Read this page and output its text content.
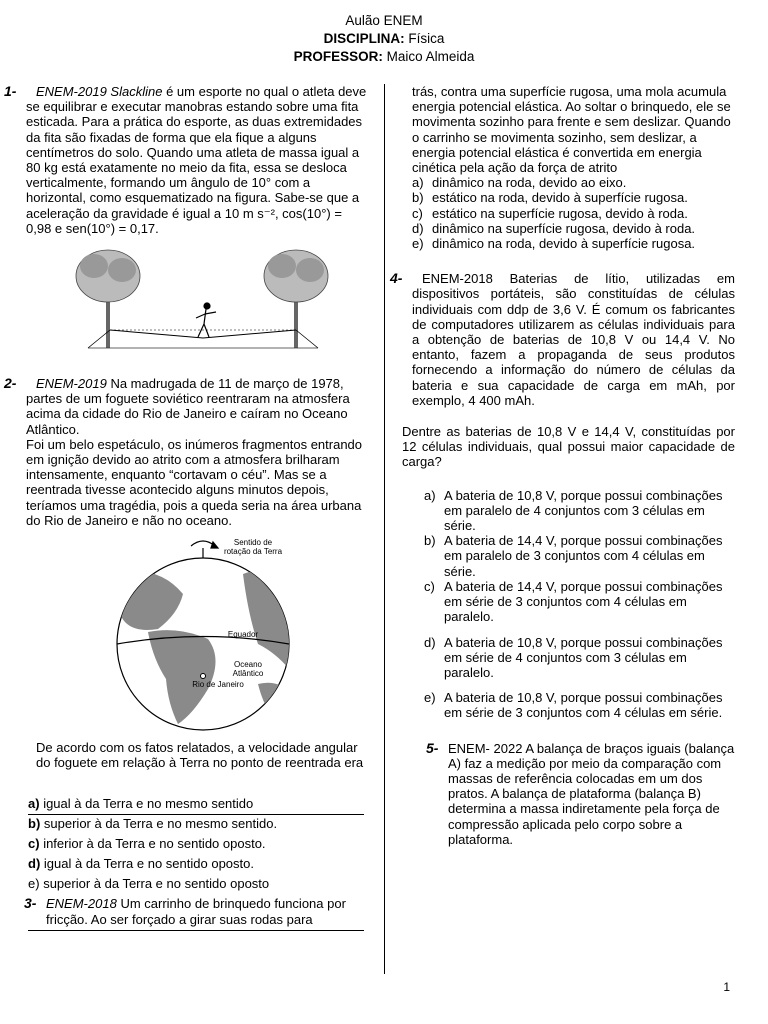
Aulão ENEM
DISCIPLINA: Física
PROFESSOR: Maico Almeida
1-	ENEM-2019 Slackline é um esporte no qual o atleta deve se equilibrar e executar manobras estando sobre uma fita esticada. Para a prática do esporte, as duas extremidades da fita são fixadas de forma que ela fique a alguns centímetros do solo. Quando uma atleta de massa igual a 80 kg está exatamente no meio da fita, essa se desloca verticalmente, formando um ângulo de 10° com a horizontal, como esquematizado na figura. Sabe-se que a aceleração da gravidade é igual a 10 m s⁻², cos(10°) = 0,98 e sen(10°) = 0,17.
2-	ENEM-2019 Na madrugada de 11 de março de 1978, partes de um foguete soviético reentraram na atmosfera acima da cidade do Rio de Janeiro e caíram no Oceano Atlântico.
Foi um belo espetáculo, os inúmeros fragmentos entrando em ignição devido ao atrito com a atmosfera brilharam intensamente, enquanto “cortavam o céu”. Mas se a reentrada tivesse acontecido alguns minutos depois, teríamos uma tragédia, pois a queda seria na área urbana do Rio de Janeiro e não no oceano.
Sentido de rotação da Terra
Equador
Oceano Atlântico
Rio de Janeiro
De acordo com os fatos relatados, a velocidade angular do foguete em relação à Terra no ponto de reentrada era
a) igual à da Terra e no mesmo sentido
b) superior à da Terra e no mesmo sentido.
c) inferior à da Terra e no sentido oposto.
d) igual à da Terra e no sentido oposto.
e) superior à da Terra e no sentido oposto
3- ENEM-2018 Um carrinho de brinquedo funciona por fricção. Ao ser forçado a girar suas rodas para
trás, contra uma superfície rugosa, uma mola acumula energia potencial elástica. Ao soltar o brinquedo, ele se movimenta sozinho para frente e sem deslizar. Quando o carrinho se movimenta sozinho, sem deslizar, a energia potencial elástica é convertida em energia cinética pela ação da força de atrito
a) dinâmico na roda, devido ao eixo.
b) estático na roda, devido à superfície rugosa.
c) estático na superfície rugosa, devido à roda.
d) dinâmico na superfície rugosa, devido à roda.
e) dinâmico na roda, devido à superfície rugosa.
4-	ENEM-2018 Baterias de lítio, utilizadas em dispositivos portáteis, são constituídas de células individuais com ddp de 3,6 V. É comum os fabricantes de computadores utilizarem as células individuais para a obtenção de baterias de 10,8 V ou 14,4 V. No entanto, fazem a propaganda de seus produtos fornecendo a informação do número de células da bateria e sua capacidade de carga em mAh, por exemplo, 4 400 mAh.
Dentre as baterias de 10,8 V e 14,4 V, constituídas por 12 células individuais, qual possui maior capacidade de carga?
a) A bateria de 10,8 V, porque possui combinações em paralelo de 4 conjuntos com 3 células em série.
b) A bateria de 14,4 V, porque possui combinações em paralelo de 3 conjuntos com 4 células em série.
c) A bateria de 14,4 V, porque possui combinações em série de 3 conjuntos com 4 células em paralelo.
d) A bateria de 10,8 V, porque possui combinações em série de 4 conjuntos com 3 células em paralelo.
e) A bateria de 10,8 V, porque possui combinações em série de 3 conjuntos com 4 células em série.
5- ENEM- 2022 A balança de braços iguais (balança A) faz a medição por meio da comparação com massas de referência colocadas em um dos pratos. A balança de plataforma (balança B) determina a massa indiretamente pela força de compressão aplicada pelo corpo sobre a plataforma.
1
